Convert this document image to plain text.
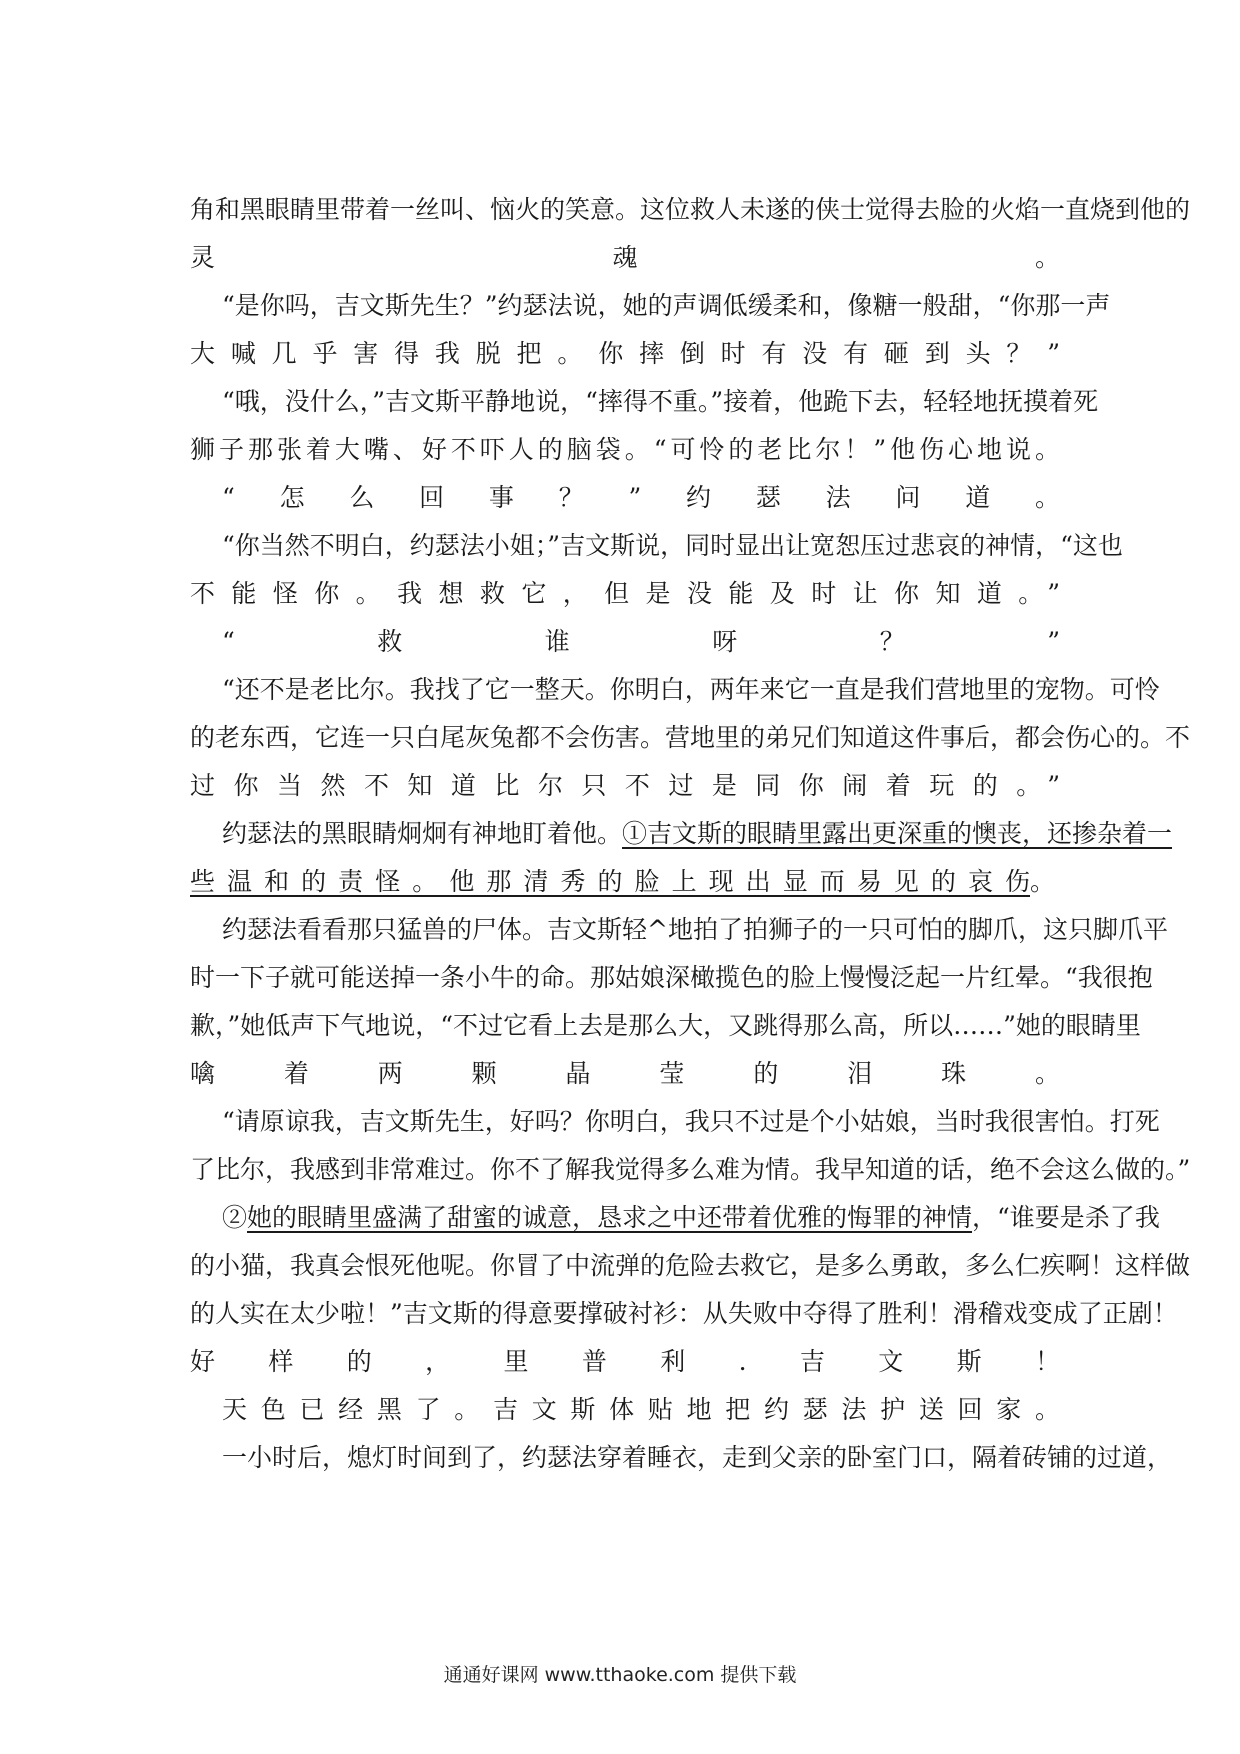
角和黑眼睛里带着一丝叫、恼火的笑意。这位救人未遂的侠士觉得去脸的火焰一直烧到他的
灵魂。
“是你吗，吉文斯先生？”约瑟法说，她的声调低缓柔和，像糖一般甜，“你那一声
大喊几乎害得我脱把。你摔倒时有没有砸到头？”
“哦，没什么，”吉文斯平静地说，“摔得不重。”接着，他跪下去，轻轻地抚摸着死
狮子那张着大嘴、好不吓人的脑袋。“可怜的老比尔！”他伤心地说。
“怎么回事？”约瑟法问道。
“你当然不明白，约瑟法小姐；”吉文斯说，同时显出让宽恕压过悲哀的神情，“这也
不能怪你。我想救它，但是没能及时让你知道。”
“救谁呀？”
“还不是老比尔。我找了它一整天。你明白，两年来它一直是我们营地里的宠物。可怜
的老东西，它连一只白尾灰兔都不会伤害。营地里的弟兄们知道这件事后，都会伤心的。不
过你当然不知道比尔只不过是同你闹着玩的。”
约瑟法的黑眼睛炯炯有神地盯着他。①吉文斯的眼睛里露出更深重的懊丧，还掺杂着一
些温和的责怪。他那清秀的脸上现出显而易见的哀伤。
约瑟法看看那只猛兽的尸体。吉文斯轻^地拍了拍狮子的一只可怕的脚爪，这只脚爪平
时一下子就可能送掉一条小牛的命。那姑娘深橄揽色的脸上慢慢泛起一片红晕。“我很抱
歉，”她低声下气地说，“不过它看上去是那么大，又跳得那么高，所以……”她的眼睛里
噙着两颗晶莹的泪珠。
“请原谅我，吉文斯先生，好吗？你明白，我只不过是个小姑娘，当时我很害怕。打死
了比尔，我感到非常难过。你不了解我觉得多么难为情。我早知道的话，绝不会这么做的。”
②她的眼睛里盛满了甜蜜的诚意，恳求之中还带着优雅的悔罪的神情，“谁要是杀了我
的小猫，我真会恨死他呢。你冒了中流弹的危险去救它，是多么勇敢，多么仁疾啊！这样做
的人实在太少啦！”吉文斯的得意要撑破衬衫：从失败中夺得了胜利！滑稽戏变成了正剧！
好样的，里普利.吉文斯！
天色已经黑了。吉文斯体贴地把约瑟法护送回家。
一小时后，熄灯时间到了，约瑟法穿着睡衣，走到父亲的卧室门口，隔着砖铺的过道，
通通好课网 www.tthaoke.com 提供下载
